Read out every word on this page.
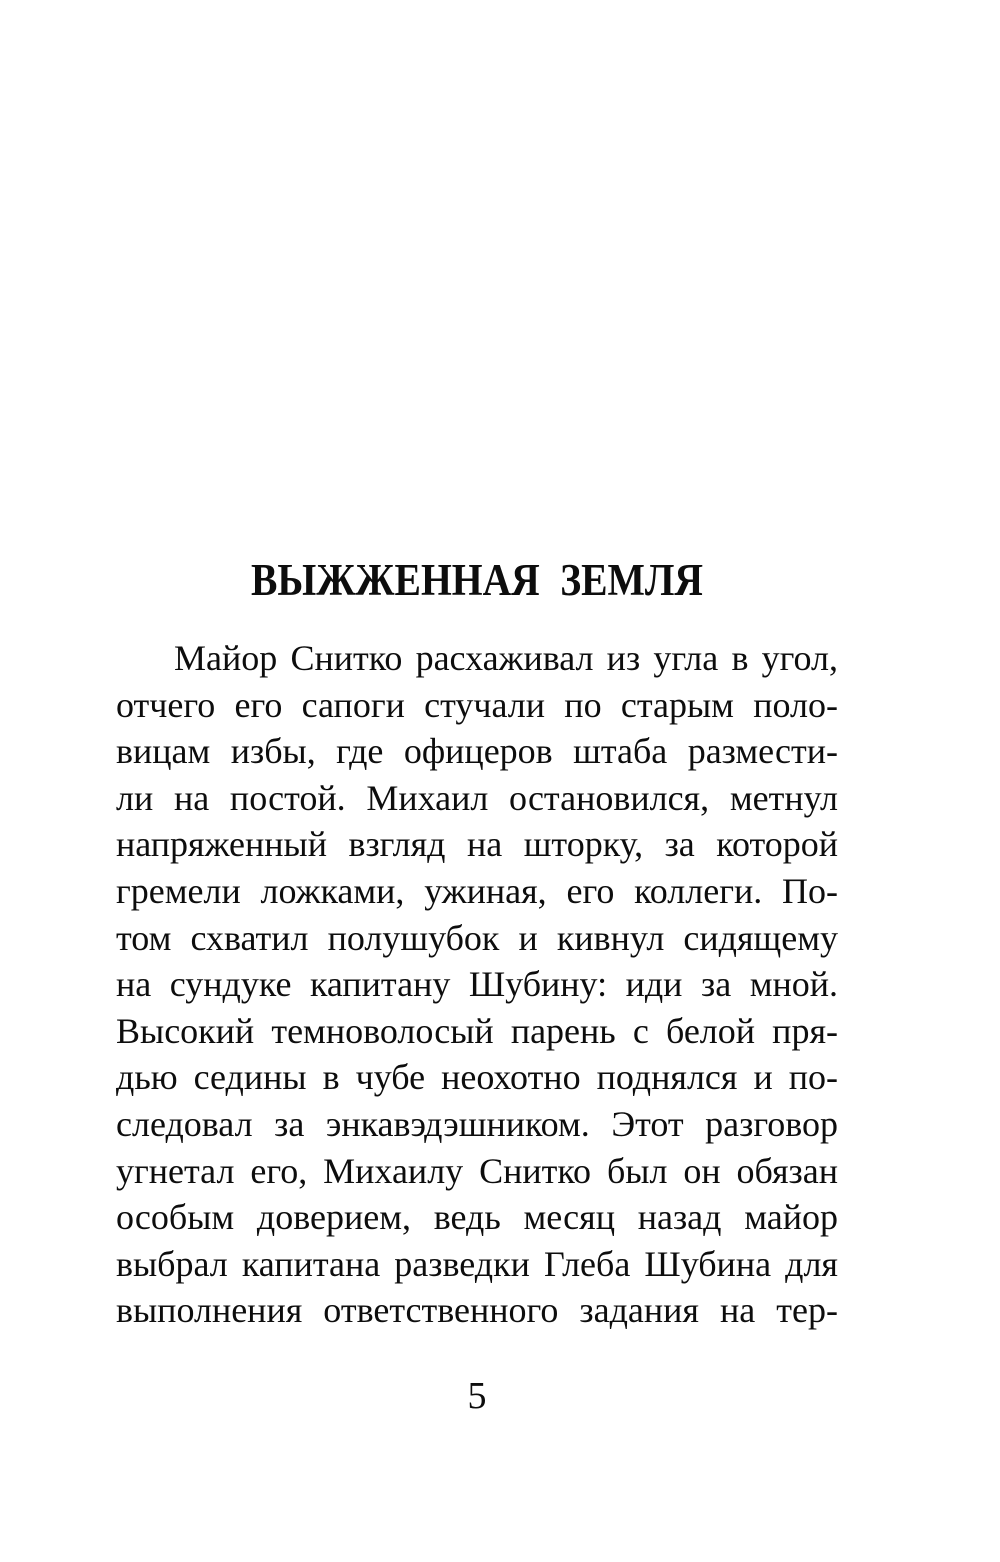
ВЫЖЖЕННАЯ ЗЕМЛЯ
Майор Снитко расхаживал из угла в угол,
отчего его сапоги стучали по старым поло-
вицам избы, где офицеров штаба размести-
ли на постой. Михаил остановился, метнул
напряженный взгляд на шторку, за которой
гремели ложками, ужиная, его коллеги. По-
том схватил полушубок и кивнул сидящему
на сундуке капитану Шубину: иди за мной.
Высокий темноволосый парень с белой пря-
дью седины в чубе неохотно поднялся и по-
следовал за энкавэдэшником. Этот разговор
угнетал его, Михаилу Снитко был он обязан
особым доверием, ведь месяц назад майор
выбрал капитана разведки Глеба Шубина для
выполнения ответственного задания на тер-
5
